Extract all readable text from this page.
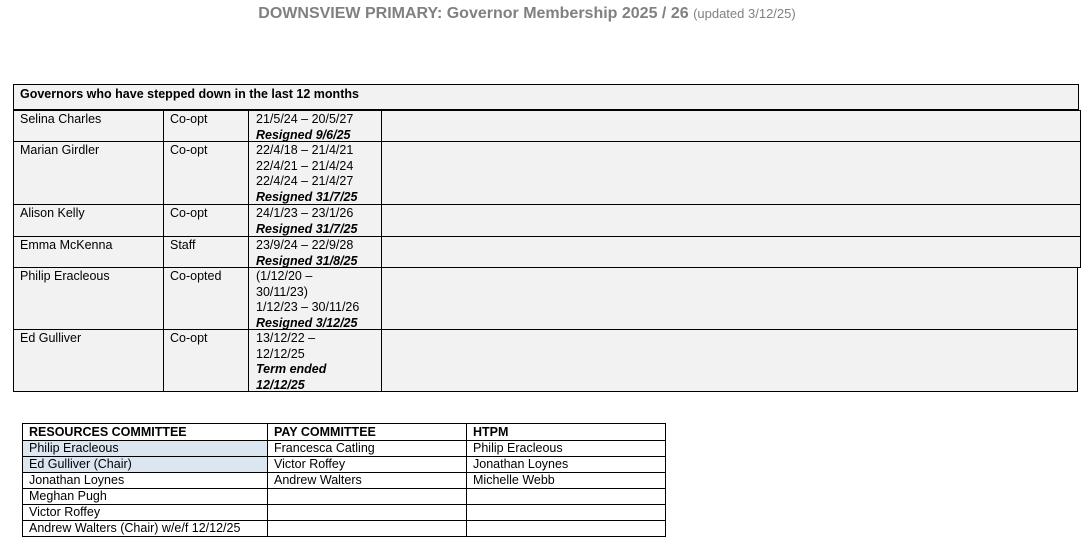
DOWNSVIEW PRIMARY: Governor Membership 2025 / 26 (updated 3/12/25)
Governors who have stepped down in the last 12 months
Selina Charles	Co-opt	21/5/24 – 20/5/27
Resigned 9/6/25
Marian Girdler	Co-opt	22/4/18 – 21/4/21
22/4/21 – 21/4/24
22/4/24 – 21/4/27
Resigned 31/7/25
Alison Kelly	Co-opt	24/1/23 – 23/1/26
Resigned 31/7/25
Emma McKenna	Staff	23/9/24 – 22/9/28
Resigned 31/8/25
Philip Eracleous	Co-opted	(1/12/20 –
30/11/23)
1/12/23 – 30/11/26
Resigned 3/12/25
Ed Gulliver	Co-opt	13/12/22 –
12/12/25
Term ended 12/12/25
RESOURCES COMMITTEE	PAY COMMITTEE	HTPM
Philip Eracleous	Francesca Catling	Philip Eracleous
Ed Gulliver (Chair)	Victor Roffey	Jonathan Loynes
Jonathan Loynes	Andrew Walters	Michelle Webb
Meghan Pugh		
Victor Roffey		
Andrew Walters (Chair) w/e/f 12/12/25		
